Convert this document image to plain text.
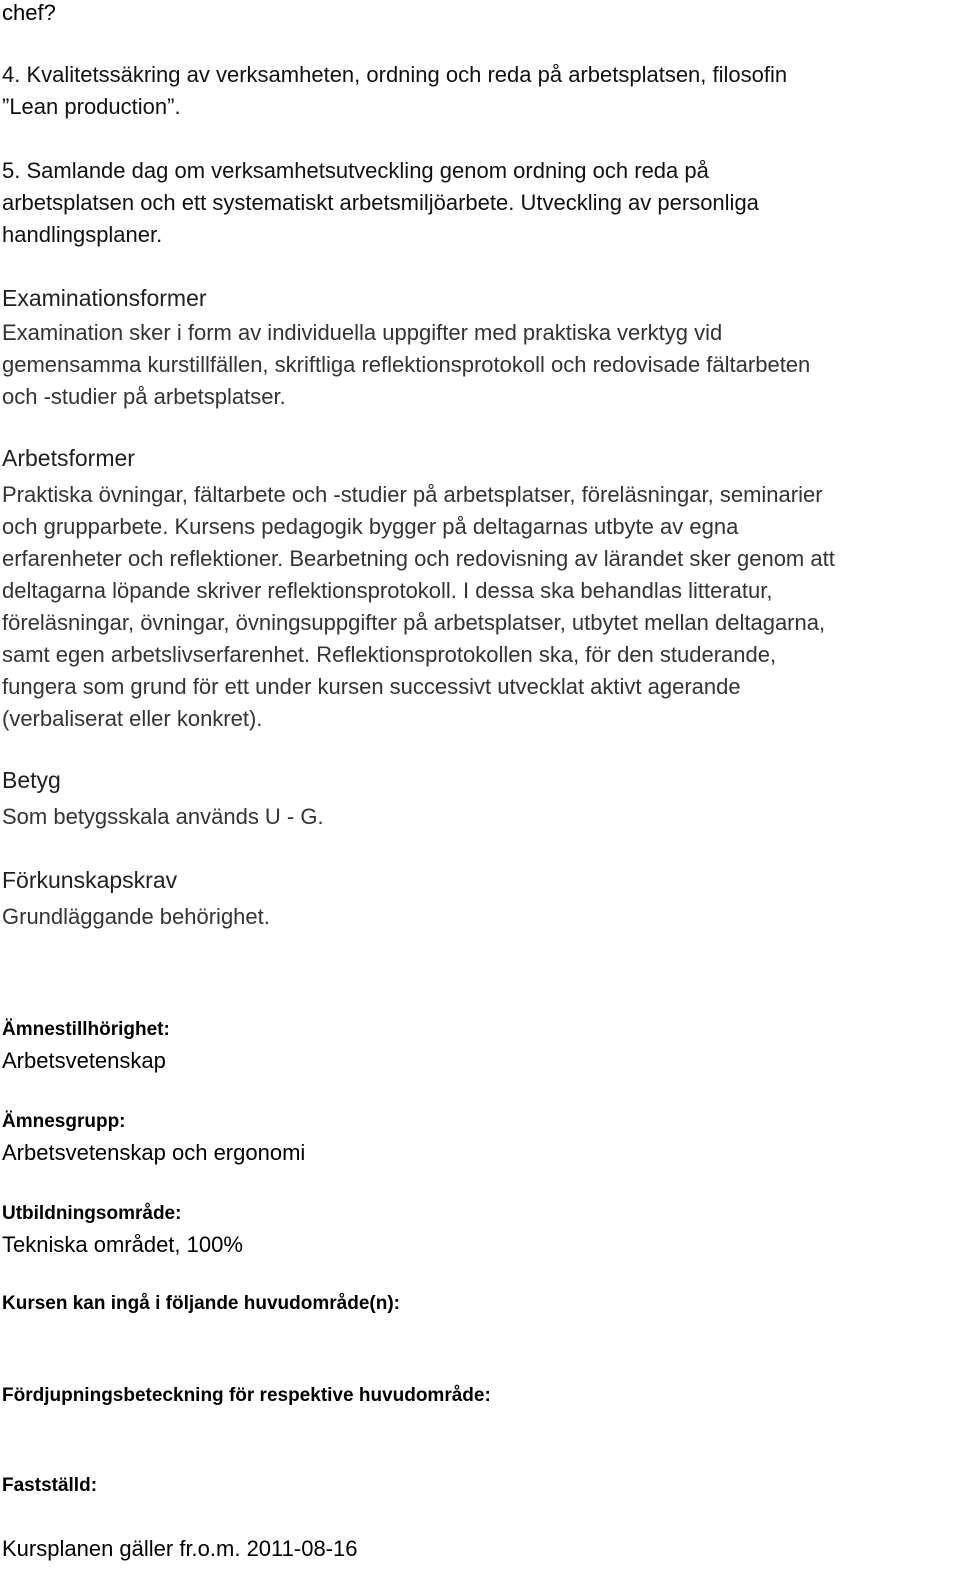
chef?
4. Kvalitetssäkring av verksamheten, ordning och reda på arbetsplatsen, filosofin
”Lean production”.
5. Samlande dag om verksamhetsutveckling genom ordning och reda på
arbetsplatsen och ett systematiskt arbetsmiljöarbete. Utveckling av personliga
handlingsplaner.
Examinationsformer
Examination sker i form av individuella uppgifter med praktiska verktyg vid
gemensamma kurstillfällen, skriftliga reflektionsprotokoll och redovisade fältarbeten
och -studier på arbetsplatser.
Arbetsformer
Praktiska övningar, fältarbete och -studier på arbetsplatser, föreläsningar, seminarier
och grupparbete. Kursens pedagogik bygger på deltagarnas utbyte av egna
erfarenheter och reflektioner. Bearbetning och redovisning av lärandet sker genom att
deltagarna löpande skriver reflektionsprotokoll. I dessa ska behandlas litteratur,
föreläsningar, övningar, övningsuppgifter på arbetsplatser, utbytet mellan deltagarna,
samt egen arbetslivserfarenhet. Reflektionsprotokollen ska, för den studerande,
fungera som grund för ett under kursen successivt utvecklat aktivt agerande
(verbaliserat eller konkret).
Betyg
Som betygsskala används U - G.
Förkunskapskrav
Grundläggande behörighet.
Ämnestillhörighet:
Arbetsvetenskap
Ämnesgrupp:
Arbetsvetenskap och ergonomi
Utbildningsområde:
Tekniska området, 100%
Kursen kan ingå i följande huvudområde(n):
Fördjupningsbeteckning för respektive huvudområde:
Fastställd:
Kursplanen gäller fr.o.m. 2011-08-16
